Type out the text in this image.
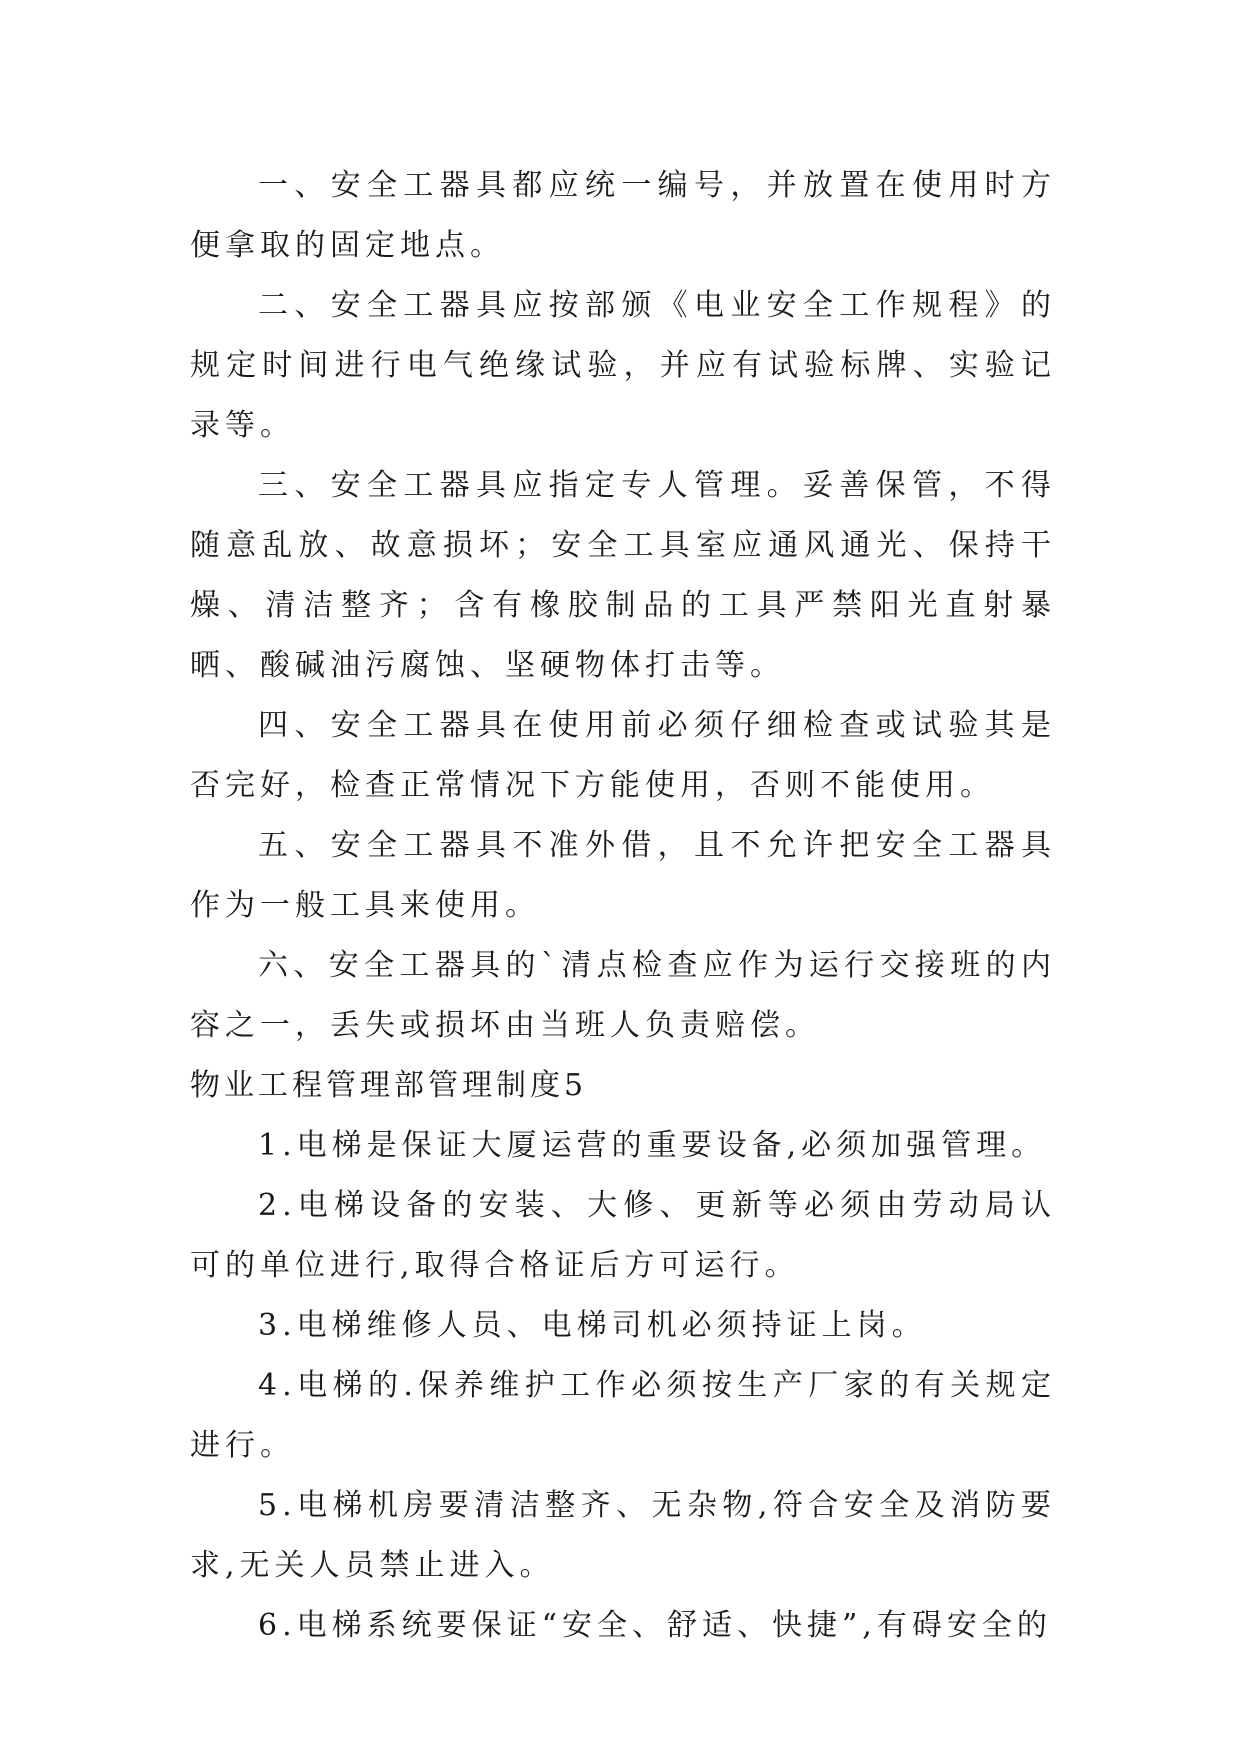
一、安全工器具都应统一编号，并放置在使用时方便拿取的固定地点。

二、安全工器具应按部颁《电业安全工作规程》的规定时间进行电气绝缘试验，并应有试验标牌、实验记录等。

三、安全工器具应指定专人管理。妥善保管，不得随意乱放、故意损坏；安全工具室应通风通光、保持干燥、清洁整齐；含有橡胶制品的工具严禁阳光直射暴晒、酸碱油污腐蚀、坚硬物体打击等。

四、安全工器具在使用前必须仔细检查或试验其是否完好，检查正常情况下方能使用，否则不能使用。

五、安全工器具不准外借，且不允许把安全工器具作为一般工具来使用。

六、安全工器具的`清点检查应作为运行交接班的内容之一，丢失或损坏由当班人负责赔偿。

物业工程管理部管理制度5

1.电梯是保证大厦运营的重要设备,必须加强管理。

2.电梯设备的安装、大修、更新等必须由劳动局认可的单位进行,取得合格证后方可运行。

3.电梯维修人员、电梯司机必须持证上岗。

4.电梯的.保养维护工作必须按生产厂家的有关规定进行。

5.电梯机房要清洁整齐、无杂物,符合安全及消防要求,无关人员禁止进入。

6.电梯系统要保证“安全、舒适、快捷”,有碍安全的
